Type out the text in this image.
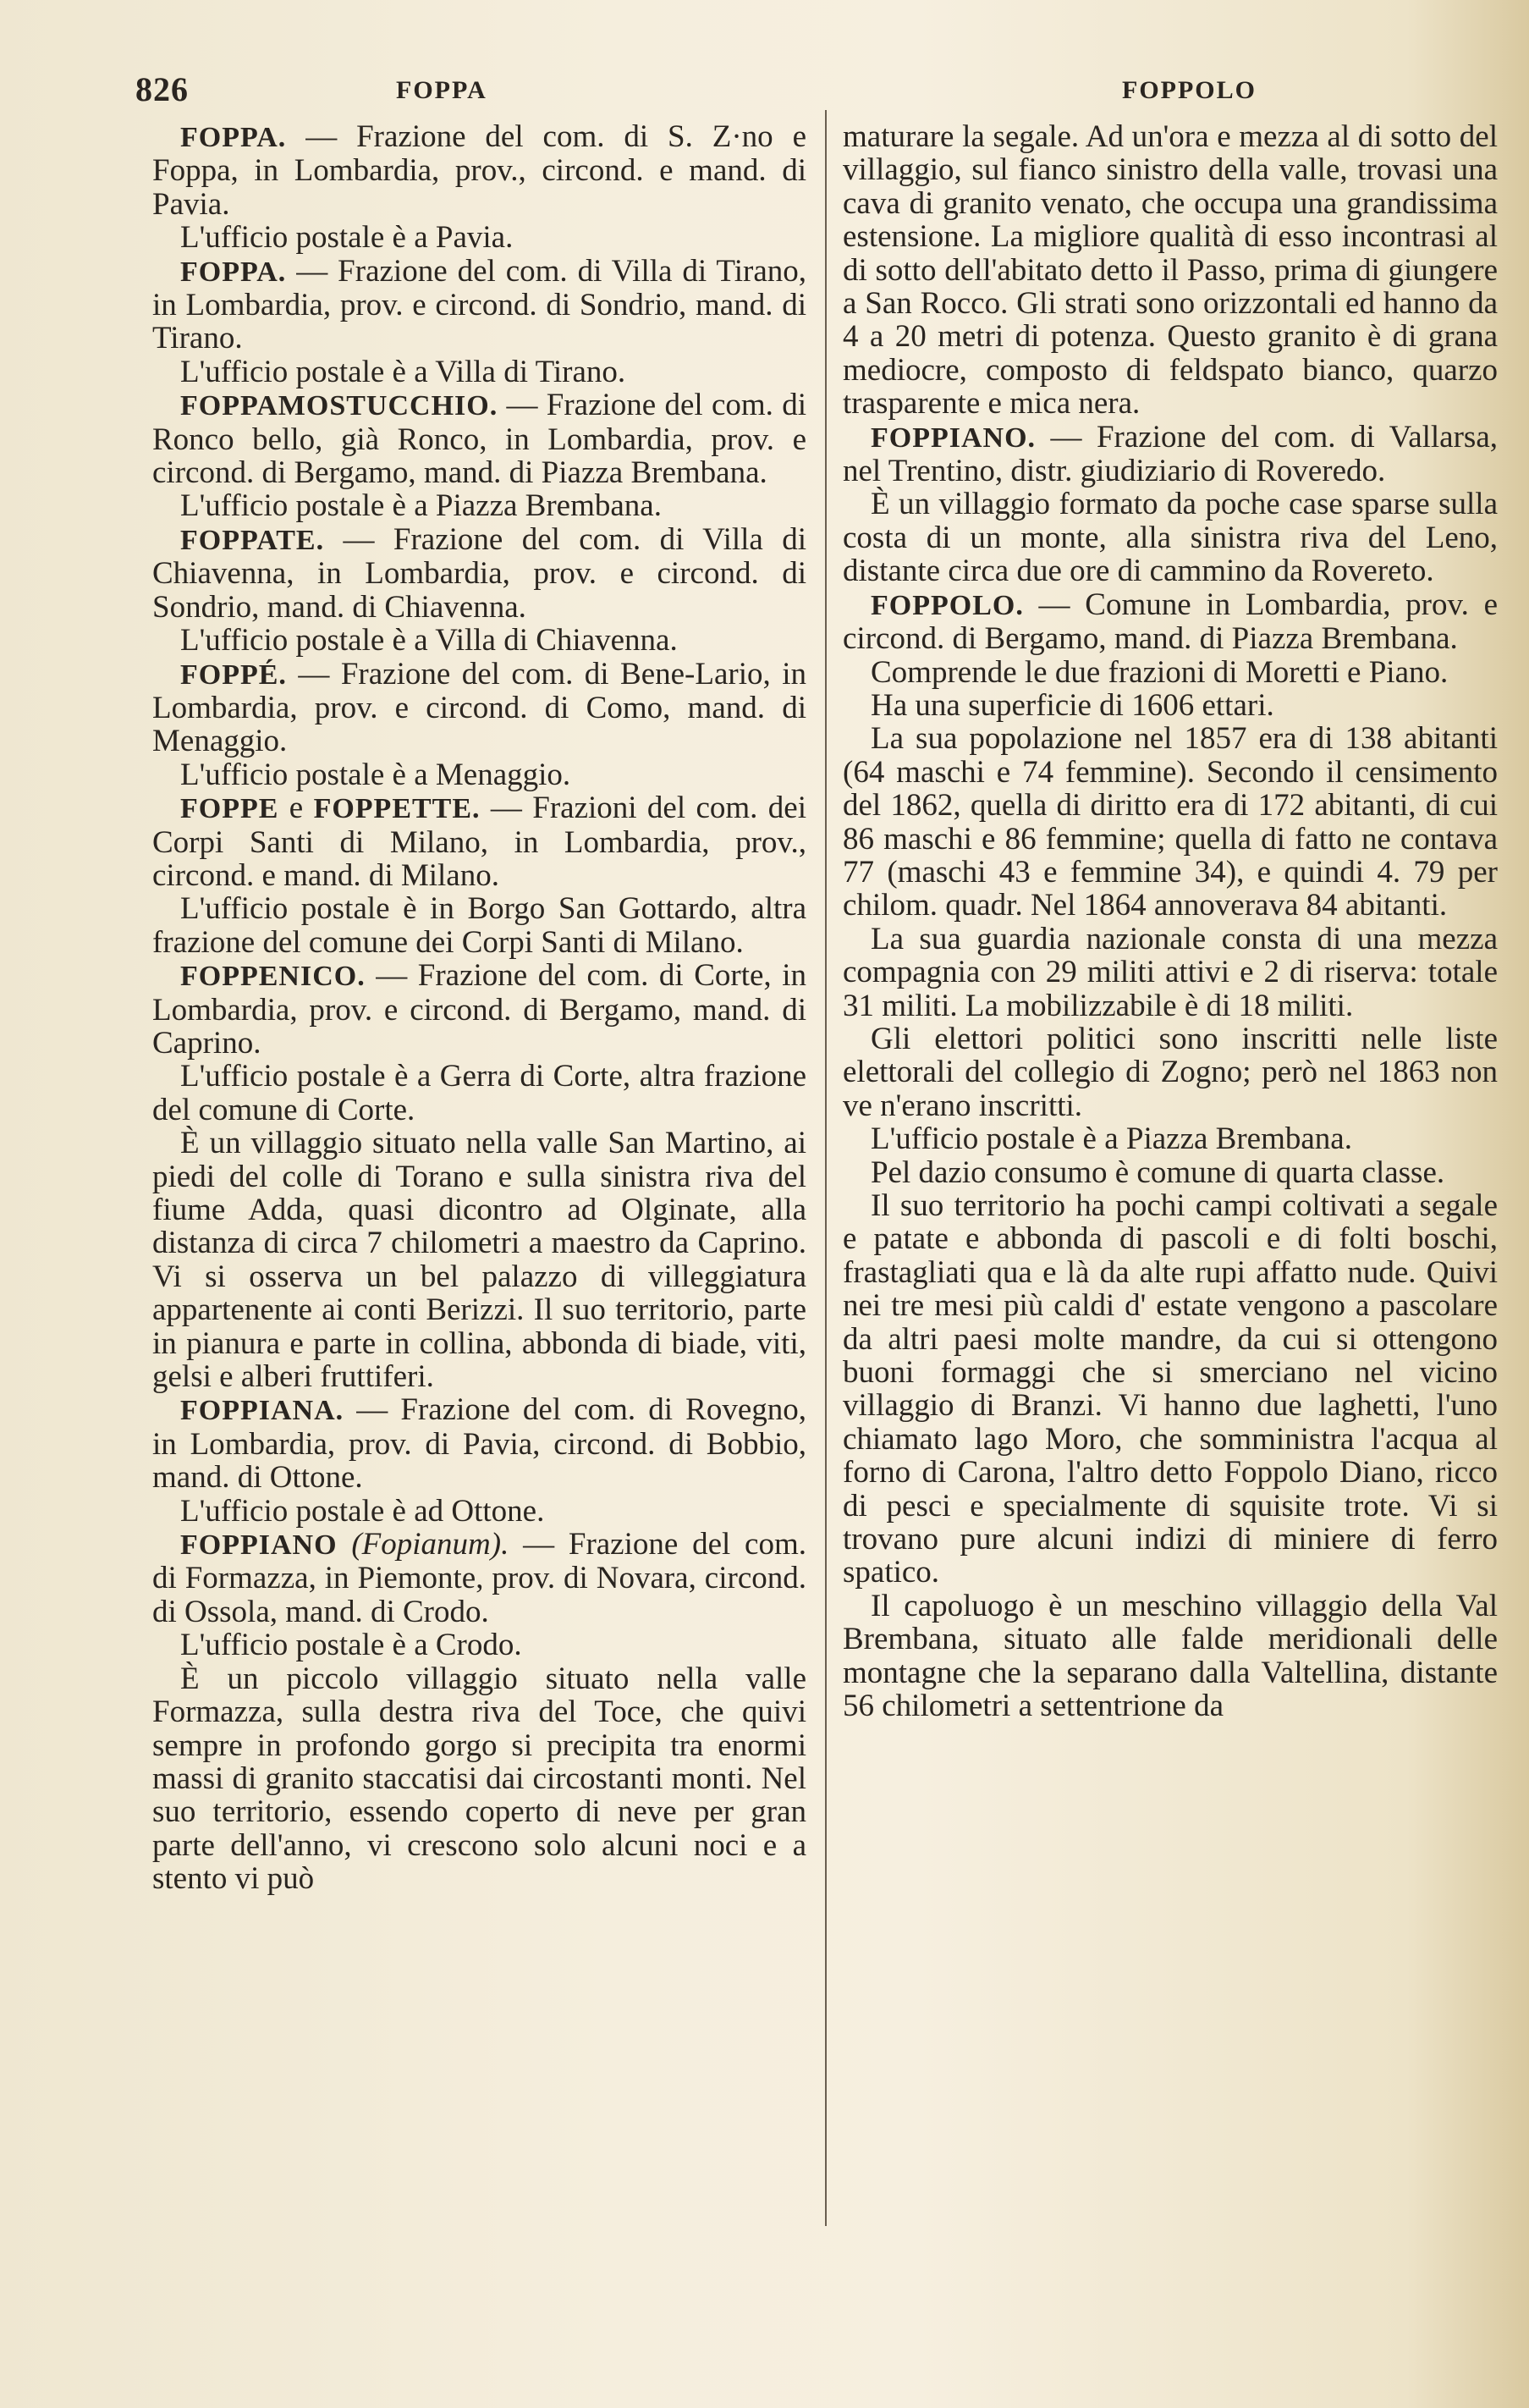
826	FOPPA	FOPPOLO

FOPPA. — Frazione del com. di S. Z·no e Foppa, in Lombardia, prov., circond. e mand. di Pavia.

L'ufficio postale è a Pavia.

FOPPA. — Frazione del com. di Villa di Tirano, in Lombardia, prov. e circond. di Sondrio, mand. di Tirano.

L'ufficio postale è a Villa di Tirano.

FOPPAMOSTUCCHIO. — Frazione del com. di Ronco bello, già Ronco, in Lombardia, prov. e circond. di Bergamo, mand. di Piazza Brembana.

L'ufficio postale è a Piazza Brembana.

FOPPATE. — Frazione del com. di Villa di Chiavenna, in Lombardia, prov. e circond. di Sondrio, mand. di Chiavenna.

L'ufficio postale è a Villa di Chiavenna.

FOPPÉ. — Frazione del com. di Bene-Lario, in Lombardia, prov. e circond. di Como, mand. di Menaggio.

L'ufficio postale è a Menaggio.

FOPPE e FOPPETTE. — Frazioni del com. dei Corpi Santi di Milano, in Lombardia, prov., circond. e mand. di Milano.

L'ufficio postale è in Borgo San Gottardo, altra frazione del comune dei Corpi Santi di Milano.

FOPPENICO. — Frazione del com. di Corte, in Lombardia, prov. e circond. di Bergamo, mand. di Caprino.

L'ufficio postale è a Gerra di Corte, altra frazione del comune di Corte.

È un villaggio situato nella valle San Martino, ai piedi del colle di Torano e sulla sinistra riva del fiume Adda, quasi dicontro ad Olginate, alla distanza di circa 7 chilometri a maestro da Caprino. Vi si osserva un bel palazzo di villeggiatura appartenente ai conti Berizzi. Il suo territorio, parte in pianura e parte in collina, abbonda di biade, viti, gelsi e alberi fruttiferi.

FOPPIANA. — Frazione del com. di Rovegno, in Lombardia, prov. di Pavia, circond. di Bobbio, mand. di Ottone.

L'ufficio postale è ad Ottone.

FOPPIANO (Fopianum). — Frazione del com. di Formazza, in Piemonte, prov. di Novara, circond. di Ossola, mand. di Crodo.

L'ufficio postale è a Crodo.

È un piccolo villaggio situato nella valle Formazza, sulla destra riva del Toce, che quivi sempre in profondo gorgo si precipita tra enormi massi di granito staccatisi dai circostanti monti. Nel suo territorio, essendo coperto di neve per gran parte dell'anno, vi crescono solo alcuni noci e a stento vi può

maturare la segale. Ad un'ora e mezza al di sotto del villaggio, sul fianco sinistro della valle, trovasi una cava di granito venato, che occupa una grandissima estensione. La migliore qualità di esso incontrasi al di sotto dell'abitato detto il Passo, prima di giungere a San Rocco. Gli strati sono orizzontali ed hanno da 4 a 20 metri di potenza. Questo granito è di grana mediocre, composto di feldspato bianco, quarzo trasparente e mica nera.

FOPPIANO. — Frazione del com. di Vallarsa, nel Trentino, distr. giudiziario di Roveredo.

È un villaggio formato da poche case sparse sulla costa di un monte, alla sinistra riva del Leno, distante circa due ore di cammino da Rovereto.

FOPPOLO. — Comune in Lombardia, prov. e circond. di Bergamo, mand. di Piazza Brembana.

Comprende le due frazioni di Moretti e Piano.

Ha una superficie di 1606 ettari.

La sua popolazione nel 1857 era di 138 abitanti (64 maschi e 74 femmine). Secondo il censimento del 1862, quella di diritto era di 172 abitanti, di cui 86 maschi e 86 femmine; quella di fatto ne contava 77 (maschi 43 e femmine 34), e quindi 4. 79 per chilom. quadr. Nel 1864 annoverava 84 abitanti.

La sua guardia nazionale consta di una mezza compagnia con 29 militi attivi e 2 di riserva: totale 31 militi. La mobilizzabile è di 18 militi.

Gli elettori politici sono inscritti nelle liste elettorali del collegio di Zogno; però nel 1863 non ve n'erano inscritti.

L'ufficio postale è a Piazza Brembana.

Pel dazio consumo è comune di quarta classe.

Il suo territorio ha pochi campi coltivati a segale e patate e abbonda di pascoli e di folti boschi, frastagliati qua e là da alte rupi affatto nude. Quivi nei tre mesi più caldi d' estate vengono a pascolare da altri paesi molte mandre, da cui si ottengono buoni formaggi che si smerciano nel vicino villaggio di Branzi. Vi hanno due laghetti, l'uno chiamato lago Moro, che somministra l'acqua al forno di Carona, l'altro detto Foppolo Diano, ricco di pesci e specialmente di squisite trote. Vi si trovano pure alcuni indizi di miniere di ferro spatico.

Il capoluogo è un meschino villaggio della Val Brembana, situato alle falde meridionali delle montagne che la separano dalla Valtellina, distante 56 chilometri a settentrione da
